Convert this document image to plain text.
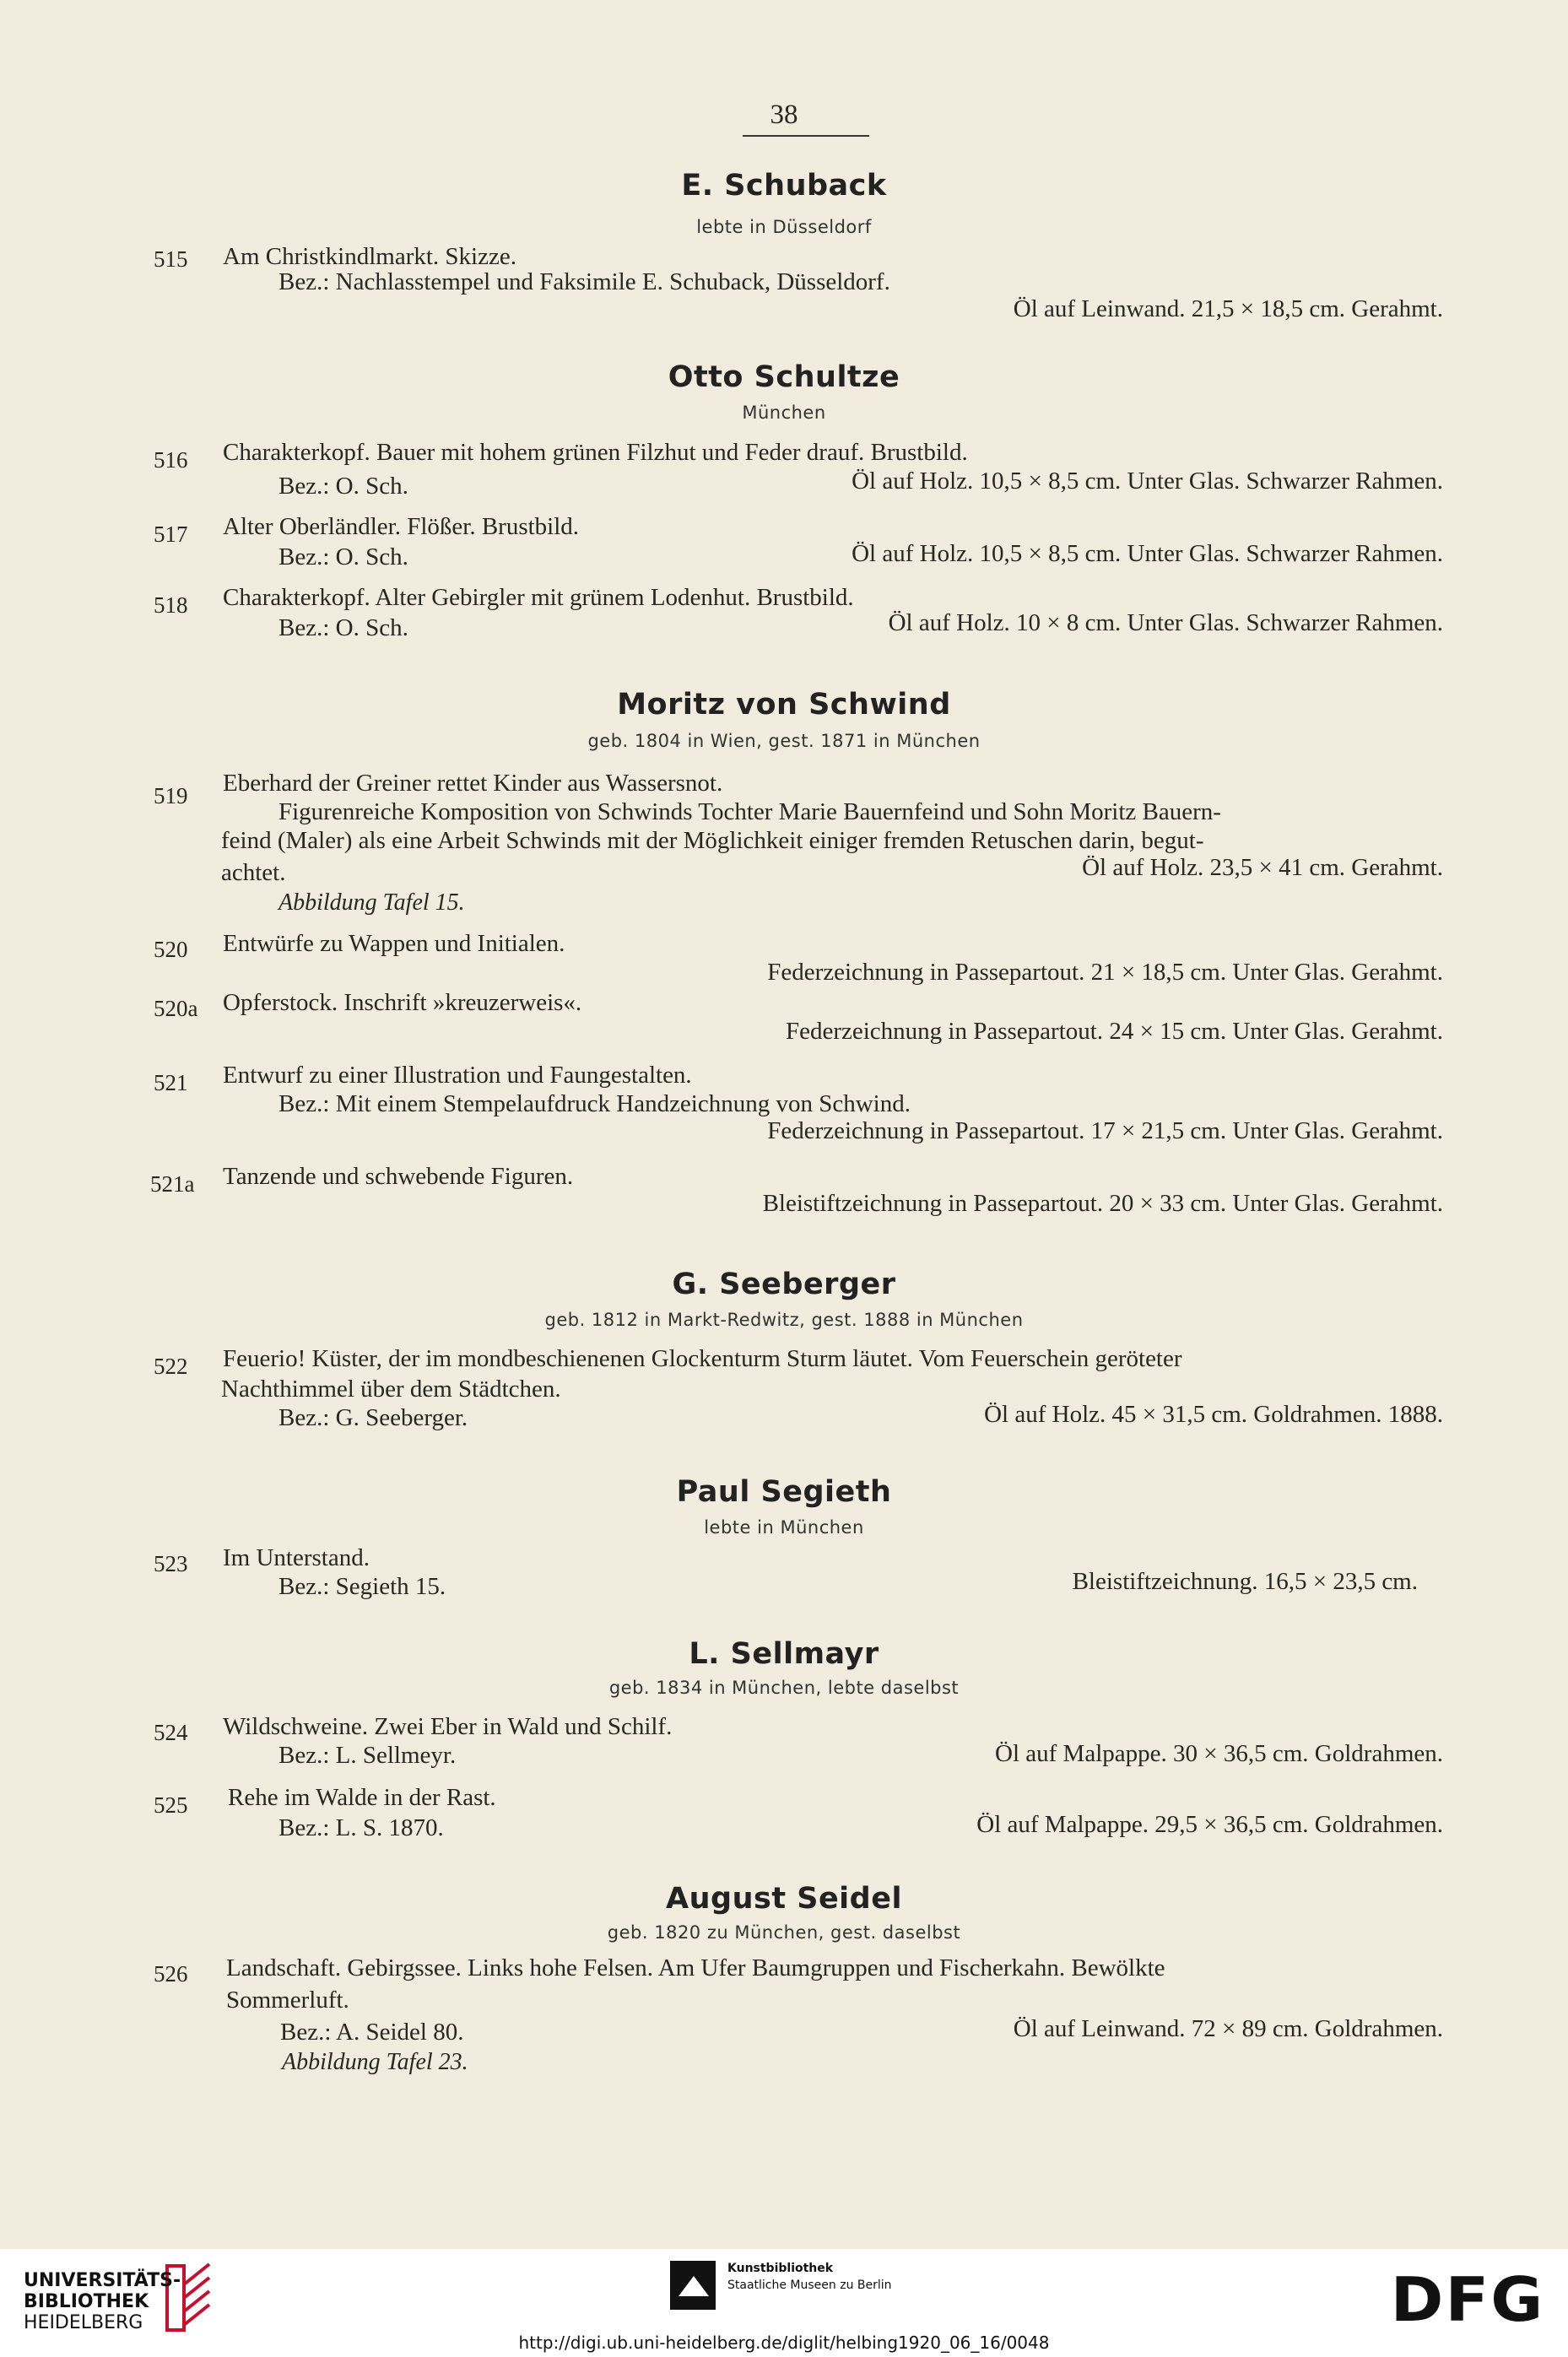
38
E. Schuback
lebte in Düsseldorf
515 Am Christkindlmarkt. Skizze.
Bez.: Nachlasstempel und Faksimile E. Schuback, Düsseldorf.
Öl auf Leinwand. 21,5 × 18,5 cm. Gerahmt.
Otto Schultze
München
516 Charakterkopf. Bauer mit hohem grünen Filzhut und Feder drauf. Brustbild.
Bez.: O. Sch.	Öl auf Holz. 10,5 × 8,5 cm. Unter Glas. Schwarzer Rahmen.
517 Alter Oberländler. Flößer. Brustbild.
Bez.: O. Sch.	Öl auf Holz. 10,5 × 8,5 cm. Unter Glas. Schwarzer Rahmen.
518 Charakterkopf. Alter Gebirgler mit grünem Lodenhut. Brustbild.
Bez.: O. Sch.	Öl auf Holz. 10 × 8 cm. Unter Glas. Schwarzer Rahmen.
Moritz von Schwind
geb. 1804 in Wien, gest. 1871 in München
519 Eberhard der Greiner rettet Kinder aus Wassersnot.
Figurenreiche Komposition von Schwinds Tochter Marie Bauernfeind und Sohn Moritz Bauern-
feind (Maler) als eine Arbeit Schwinds mit der Möglichkeit einiger fremden Retuschen darin, begut-
achtet.	Öl auf Holz. 23,5 × 41 cm. Gerahmt.
Abbildung Tafel 15.
520 Entwürfe zu Wappen und Initialen.
Federzeichnung in Passepartout. 21 × 18,5 cm. Unter Glas. Gerahmt.
520a Opferstock. Inschrift »kreuzerweis«.
Federzeichnung in Passepartout. 24 × 15 cm. Unter Glas. Gerahmt.
521 Entwurf zu einer Illustration und Faungestalten.
Bez.: Mit einem Stempelaufdruck Handzeichnung von Schwind.
Federzeichnung in Passepartout. 17 × 21,5 cm. Unter Glas. Gerahmt.
521a Tanzende und schwebende Figuren.
Bleistiftzeichnung in Passepartout. 20 × 33 cm. Unter Glas. Gerahmt.
G. Seeberger
geb. 1812 in Markt-Redwitz, gest. 1888 in München
522 Feuerio! Küster, der im mondbeschienenen Glockenturm Sturm läutet. Vom Feuerschein geröteter
Nachthimmel über dem Städtchen.
Bez.: G. Seeberger.	Öl auf Holz. 45 × 31,5 cm. Goldrahmen. 1888.
Paul Segieth
lebte in München
523 Im Unterstand.
Bez.: Segieth 15.	Bleistiftzeichnung. 16,5 × 23,5 cm.
L. Sellmayr
geb. 1834 in München, lebte daselbst
524 Wildschweine. Zwei Eber in Wald und Schilf.
Bez.: L. Sellmeyr.	Öl auf Malpappe. 30 × 36,5 cm. Goldrahmen.
525 Rehe im Walde in der Rast.
Bez.: L. S. 1870.	Öl auf Malpappe. 29,5 × 36,5 cm. Goldrahmen.
August Seidel
geb. 1820 zu München, gest. daselbst
526 Landschaft. Gebirgssee. Links hohe Felsen. Am Ufer Baumgruppen und Fischerkahn. Bewölkte
Sommerluft.
Bez.: A. Seidel 80.	Öl auf Leinwand. 72 × 89 cm. Goldrahmen.
Abbildung Tafel 23.
UNIVERSITÄTS-
BIBLIOTHEK
HEIDELBERG
Kunstbibliothek
Staatliche Museen zu Berlin	DFG
http://digi.ub.uni-heidelberg.de/diglit/helbing1920_06_16/0048
